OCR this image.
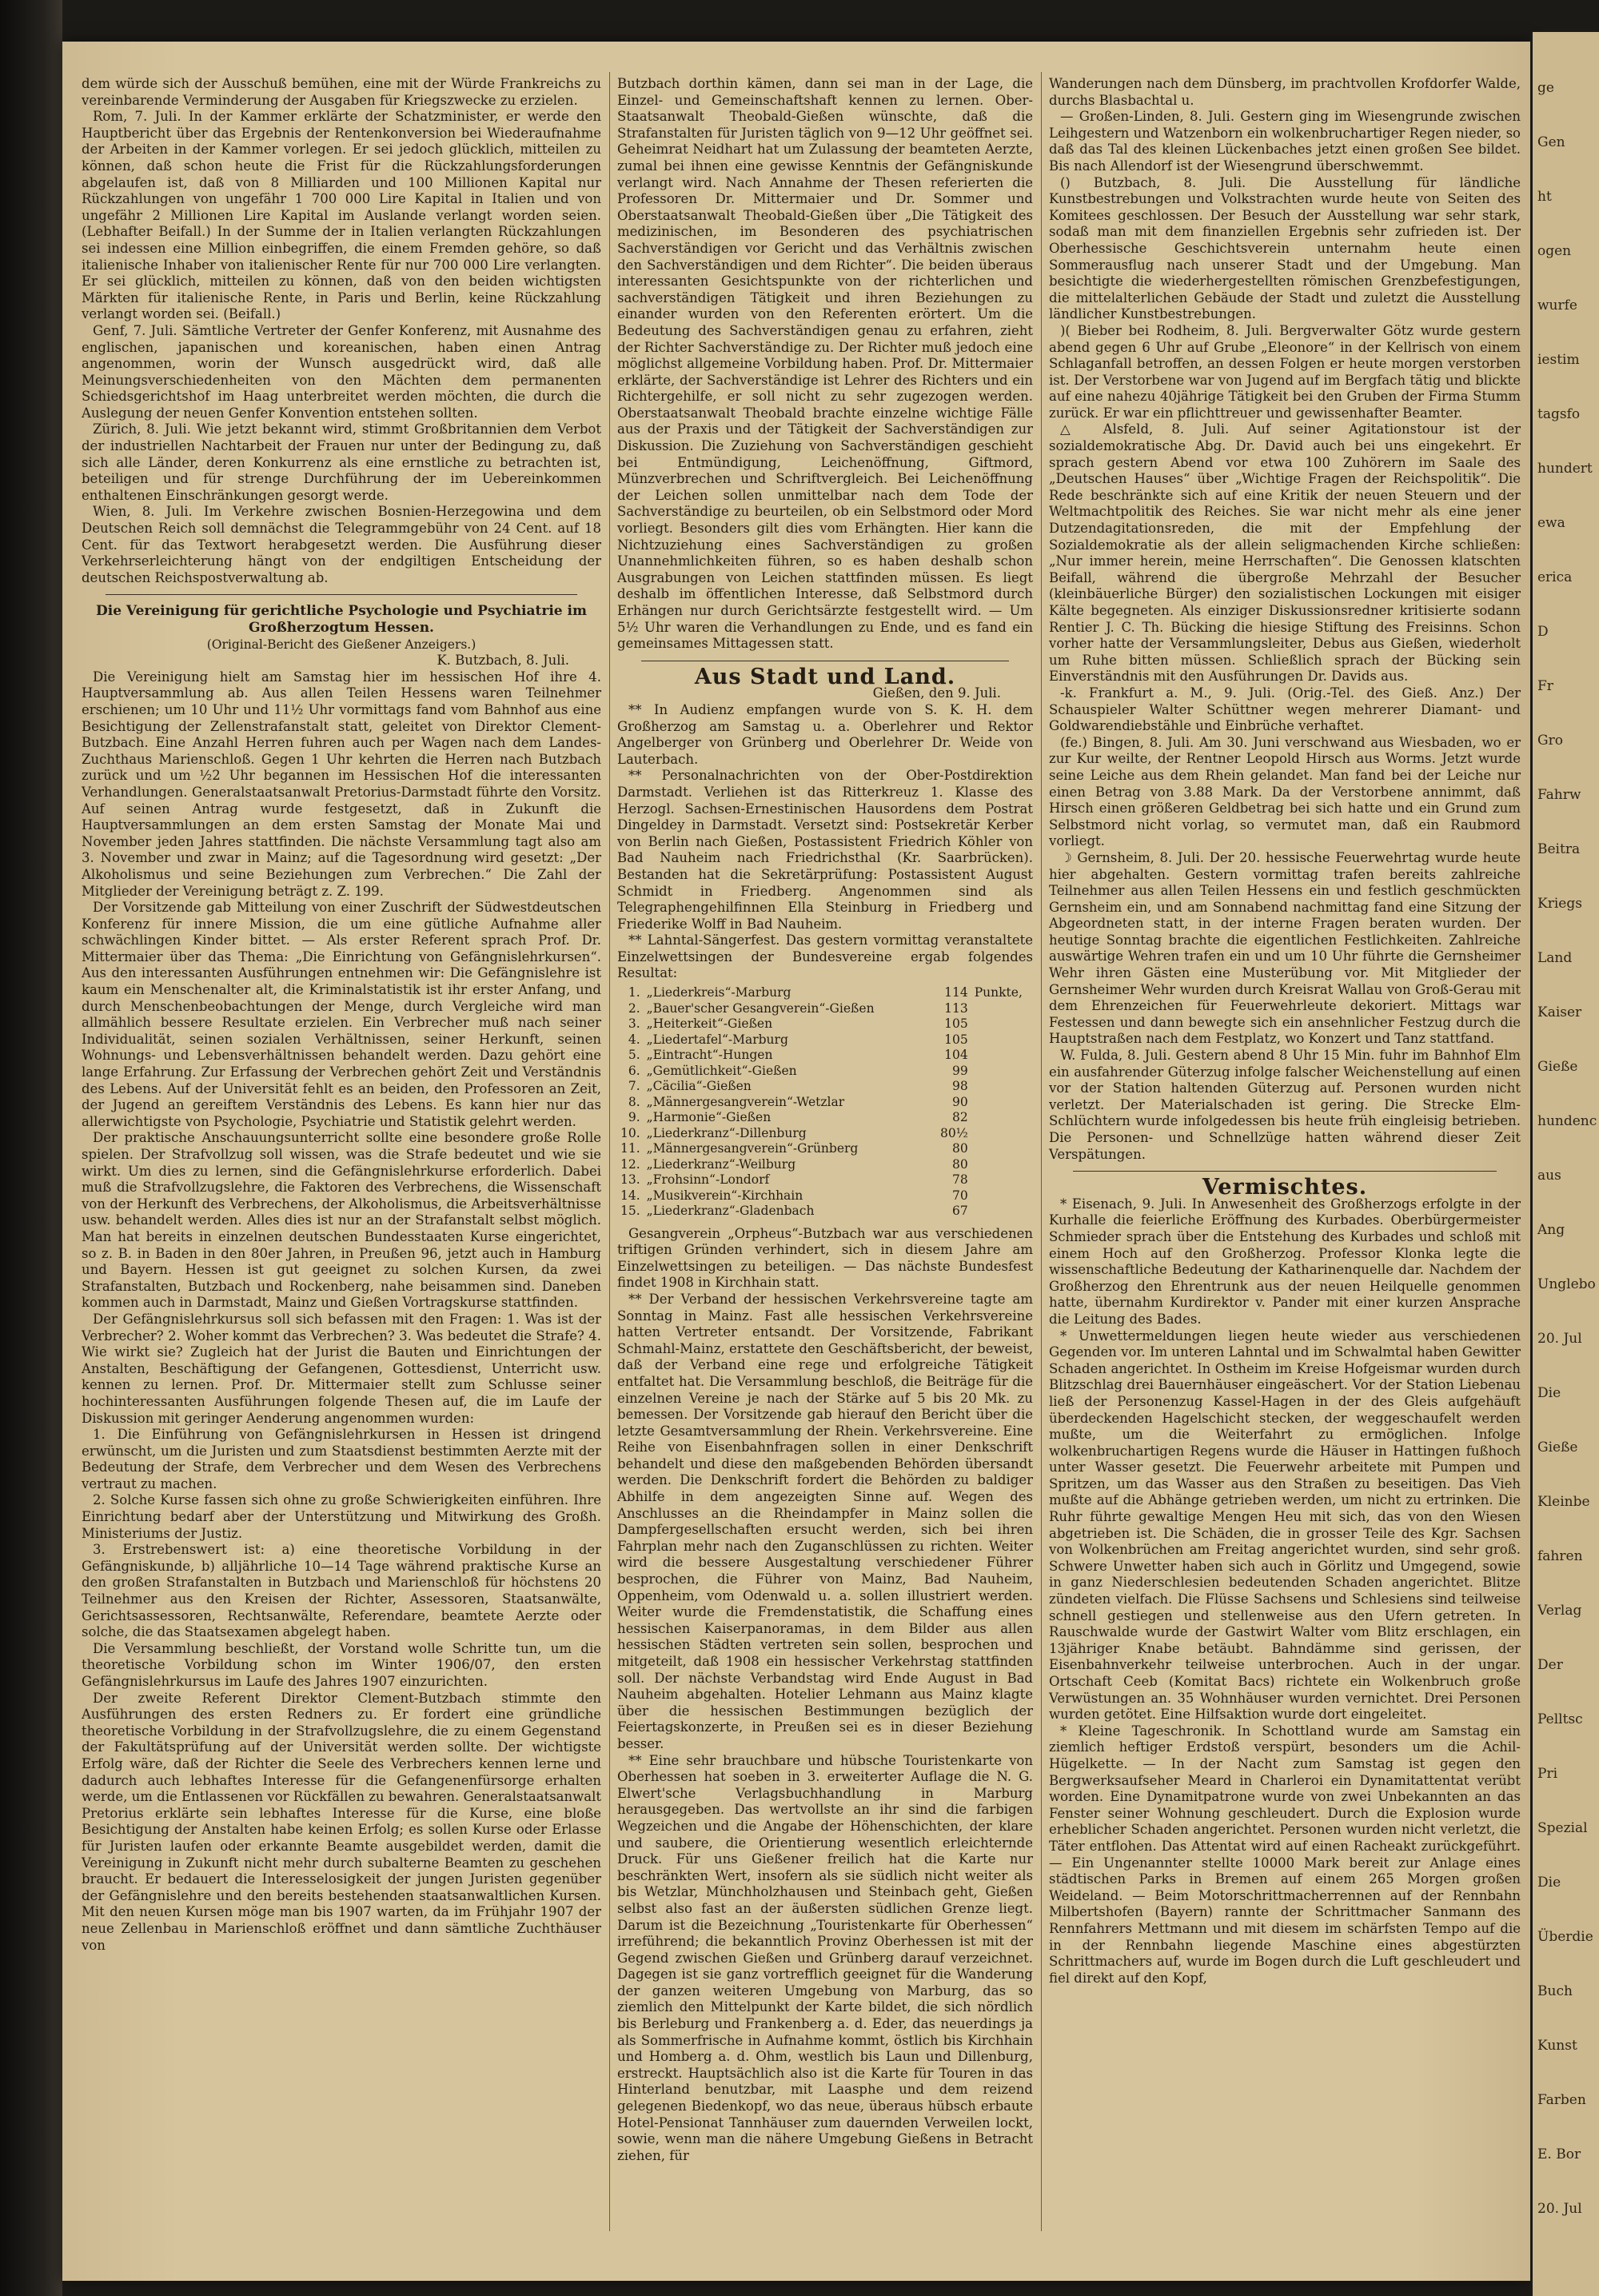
ge
Gen
ht
ogen
wurfe
iestim
tagsfo
hundert
ewa
erica
D
Fr
Gro
Fahrw
Beitra
Kriegs
Land
Kaiser
Gieße
hundenc
aus
Ang
Unglebo
20. Jul
Die
Gieße
Kleinbe
fahren
Verlag
Der
Pelltsc
Pri
Spezial
Die
Überdie
Buch
Kunst
Farben
E. Bor
20. Jul

dem würde sich der Ausschuß bemühen, eine mit der Würde Frankreichs zu vereinbarende Verminderung der Ausgaben für Kriegszwecke zu erzielen.

Rom, 7. Juli. In der Kammer erklärte der Schatzminister, er werde den Hauptbericht über das Ergebnis der Rentenkonversion bei Wiederaufnahme der Arbeiten in der Kammer vorlegen. Er sei jedoch glücklich, mitteilen zu können, daß schon heute die Frist für die Rückzahlungsforderungen abgelaufen ist, daß von 8 Milliarden und 100 Millionen Kapital nur Rückzahlungen von ungefähr 1 700 000 Lire Kapital in Italien und von ungefähr 2 Millionen Lire Kapital im Auslande verlangt worden seien. (Lebhafter Beifall.) In der Summe der in Italien verlangten Rückzahlungen sei indessen eine Million einbegriffen, die einem Fremden gehöre, so daß italienische Inhaber von italienischer Rente für nur 700 000 Lire verlangten. Er sei glücklich, mitteilen zu können, daß von den beiden wichtigsten Märkten für italienische Rente, in Paris und Berlin, keine Rückzahlung verlangt worden sei. (Beifall.)

Genf, 7. Juli. Sämtliche Vertreter der Genfer Konferenz, mit Ausnahme des englischen, japanischen und koreanischen, haben einen Antrag angenommen, worin der Wunsch ausgedrückt wird, daß alle Meinungsverschiedenheiten von den Mächten dem permanenten Schiedsgerichtshof im Haag unterbreitet werden möchten, die durch die Auslegung der neuen Genfer Konvention entstehen sollten.

Zürich, 8. Juli. Wie jetzt bekannt wird, stimmt Großbritannien dem Verbot der industriellen Nachtarbeit der Frauen nur unter der Bedingung zu, daß sich alle Länder, deren Konkurrenz als eine ernstliche zu betrachten ist, beteiligen und für strenge Durchführung der im Uebereinkommen enthaltenen Einschränkungen gesorgt werde.

Wien, 8. Juli. Im Verkehre zwischen Bosnien-Herzegowina und dem Deutschen Reich soll demnächst die Telegrammgebühr von 24 Cent. auf 18 Cent. für das Textwort herabgesetzt werden. Die Ausführung dieser Verkehrserleichterung hängt von der endgiltigen Entscheidung der deutschen Reichspostverwaltung ab.

Die Vereinigung für gerichtliche Psychologie und Psychiatrie im Großherzogtum Hessen.

(Original-Bericht des Gießener Anzeigers.)

K. Butzbach, 8. Juli.

Die Vereinigung hielt am Samstag hier im hessischen Hof ihre 4. Hauptversammlung ab. Aus allen Teilen Hessens waren Teilnehmer erschienen; um 10 Uhr und 11½ Uhr vormittags fand vom Bahnhof aus eine Besichtigung der Zellenstrafanstalt statt, geleitet von Direktor Clement-Butzbach. Eine Anzahl Herren fuhren auch per Wagen nach dem Landes-Zuchthaus Marienschloß. Gegen 1 Uhr kehrten die Herren nach Butzbach zurück und um ½2 Uhr begannen im Hessischen Hof die interessanten Verhandlungen. Generalstaatsanwalt Pretorius-Darmstadt führte den Vorsitz. Auf seinen Antrag wurde festgesetzt, daß in Zukunft die Hauptversammlungen an dem ersten Samstag der Monate Mai und November jeden Jahres stattfinden. Die nächste Versammlung tagt also am 3. November und zwar in Mainz; auf die Tagesordnung wird gesetzt: „Der Alkoholismus und seine Beziehungen zum Verbrechen.“ Die Zahl der Mitglieder der Vereinigung beträgt z. Z. 199.

Der Vorsitzende gab Mitteilung von einer Zuschrift der Südwestdeutschen Konferenz für innere Mission, die um eine gütliche Aufnahme aller schwächlingen Kinder bittet. — Als erster Referent sprach Prof. Dr. Mittermaier über das Thema: „Die Einrichtung von Gefängnislehrkursen“. Aus den interessanten Ausführungen entnehmen wir: Die Gefängnislehre ist kaum ein Menschenalter alt, die Kriminalstatistik ist ihr erster Anfang, und durch Menschenbeobachtungen der Menge, durch Vergleiche wird man allmählich bessere Resultate erzielen. Ein Verbrecher muß nach seiner Individualität, seinen sozialen Verhältnissen, seiner Herkunft, seinen Wohnungs- und Lebensverhältnissen behandelt werden. Dazu gehört eine lange Erfahrung. Zur Erfassung der Verbrechen gehört Zeit und Verständnis des Lebens. Auf der Universität fehlt es an beiden, den Professoren an Zeit, der Jugend an gereiftem Verständnis des Lebens. Es kann hier nur das allerwichtigste von Psychologie, Psychiatrie und Statistik gelehrt werden.

Der praktische Anschauungsunterricht sollte eine besondere große Rolle spielen. Der Strafvollzug soll wissen, was die Strafe bedeutet und wie sie wirkt. Um dies zu lernen, sind die Gefängnislehrkurse erforderlich. Dabei muß die Strafvollzugslehre, die Faktoren des Verbrechens, die Wissenschaft von der Herkunft des Verbrechens, der Alkoholismus, die Arbeitsverhältnisse usw. behandelt werden. Alles dies ist nur an der Strafanstalt selbst möglich. Man hat bereits in einzelnen deutschen Bundesstaaten Kurse eingerichtet, so z. B. in Baden in den 80er Jahren, in Preußen 96, jetzt auch in Hamburg und Bayern. Hessen ist gut geeignet zu solchen Kursen, da zwei Strafanstalten, Butzbach und Rockenberg, nahe beisammen sind. Daneben kommen auch in Darmstadt, Mainz und Gießen Vortragskurse stattfinden.

Der Gefängnislehrkursus soll sich befassen mit den Fragen: 1. Was ist der Verbrecher? 2. Woher kommt das Verbrechen? 3. Was bedeutet die Strafe? 4. Wie wirkt sie? Zugleich hat der Jurist die Bauten und Einrichtungen der Anstalten, Beschäftigung der Gefangenen, Gottesdienst, Unterricht usw. kennen zu lernen. Prof. Dr. Mittermaier stellt zum Schlusse seiner hochinteressanten Ausführungen folgende Thesen auf, die im Laufe der Diskussion mit geringer Aenderung angenommen wurden:

1. Die Einführung von Gefängnislehrkursen in Hessen ist dringend erwünscht, um die Juristen und zum Staatsdienst bestimmten Aerzte mit der Bedeutung der Strafe, dem Verbrecher und dem Wesen des Verbrechens vertraut zu machen.

2. Solche Kurse fassen sich ohne zu große Schwierigkeiten einführen. Ihre Einrichtung bedarf aber der Unterstützung und Mitwirkung des Großh. Ministeriums der Justiz.

3. Erstrebenswert ist: a) eine theoretische Vorbildung in der Gefängniskunde, b) alljährliche 10—14 Tage während praktische Kurse an den großen Strafanstalten in Butzbach und Marienschloß für höchstens 20 Teilnehmer aus den Kreisen der Richter, Assessoren, Staatsanwälte, Gerichtsassessoren, Rechtsanwälte, Referendare, beamtete Aerzte oder solche, die das Staatsexamen abgelegt haben.

Die Versammlung beschließt, der Vorstand wolle Schritte tun, um die theoretische Vorbildung schon im Winter 1906/07, den ersten Gefängnislehrkursus im Laufe des Jahres 1907 einzurichten.

Der zweite Referent Direktor Clement-Butzbach stimmte den Ausführungen des ersten Redners zu. Er fordert eine gründliche theoretische Vorbildung in der Strafvollzugslehre, die zu einem Gegenstand der Fakultätsprüfung auf der Universität werden sollte. Der wichtigste Erfolg wäre, daß der Richter die Seele des Verbrechers kennen lerne und dadurch auch lebhaftes Interesse für die Gefangenenfürsorge erhalten werde, um die Entlassenen vor Rückfällen zu bewahren. Generalstaatsanwalt Pretorius erklärte sein lebhaftes Interesse für die Kurse, eine bloße Besichtigung der Anstalten habe keinen Erfolg; es sollen Kurse oder Erlasse für Juristen laufen oder erkannte Beamte ausgebildet werden, damit die Vereinigung in Zukunft nicht mehr durch subalterne Beamten zu geschehen braucht. Er bedauert die Interesselosigkeit der jungen Juristen gegenüber der Gefängnislehre und den bereits bestehenden staatsanwaltlichen Kursen. Mit den neuen Kursen möge man bis 1907 warten, da im Frühjahr 1907 der neue Zellenbau in Marienschloß eröffnet und dann sämtliche Zuchthäuser von

Butzbach dorthin kämen, dann sei man in der Lage, die Einzel- und Gemeinschaftshaft kennen zu lernen. Ober-Staatsanwalt Theobald-Gießen wünschte, daß die Strafanstalten für Juristen täglich von 9—12 Uhr geöffnet sei. Geheimrat Neidhart hat um Zulassung der beamteten Aerzte, zumal bei ihnen eine gewisse Kenntnis der Gefängniskunde verlangt wird. Nach Annahme der Thesen referierten die Professoren Dr. Mittermaier und Dr. Sommer und Oberstaatsanwalt Theobald-Gießen über „Die Tätigkeit des medizinischen, im Besonderen des psychiatrischen Sachverständigen vor Gericht und das Verhältnis zwischen den Sachverständigen und dem Richter“. Die beiden überaus interessanten Gesichtspunkte von der richterlichen und sachverständigen Tätigkeit und ihren Beziehungen zu einander wurden von den Referenten erörtert. Um die Bedeutung des Sachverständigen genau zu erfahren, zieht der Richter Sachverständige zu. Der Richter muß jedoch eine möglichst allgemeine Vorbildung haben. Prof. Dr. Mittermaier erklärte, der Sachverständige ist Lehrer des Richters und ein Richtergehilfe, er soll nicht zu sehr zugezogen werden. Oberstaatsanwalt Theobald brachte einzelne wichtige Fälle aus der Praxis und der Tätigkeit der Sachverständigen zur Diskussion. Die Zuziehung von Sachverständigen geschieht bei Entmündigung, Leichenöffnung, Giftmord, Münzverbrechen und Schriftvergleich. Bei Leichenöffnung der Leichen sollen unmittelbar nach dem Tode der Sachverständige zu beurteilen, ob ein Selbstmord oder Mord vorliegt. Besonders gilt dies vom Erhängten. Hier kann die Nichtzuziehung eines Sachverständigen zu großen Unannehmlichkeiten führen, so es haben deshalb schon Ausgrabungen von Leichen stattfinden müssen. Es liegt deshalb im öffentlichen Interesse, daß Selbstmord durch Erhängen nur durch Gerichtsärzte festgestellt wird. — Um 5½ Uhr waren die Verhandlungen zu Ende, und es fand ein gemeinsames Mittagessen statt.

Aus Stadt und Land.

Gießen, den 9. Juli.

** In Audienz empfangen wurde von S. K. H. dem Großherzog am Samstag u. a. Oberlehrer und Rektor Angelberger von Grünberg und Oberlehrer Dr. Weide von Lauterbach.

** Personalnachrichten von der Ober-Postdirektion Darmstadt. Verliehen ist das Ritterkreuz 1. Klasse des Herzogl. Sachsen-Ernestinischen Hausordens dem Postrat Dingeldey in Darmstadt. Versetzt sind: Postsekretär Kerber von Berlin nach Gießen, Postassistent Friedrich Köhler von Bad Nauheim nach Friedrichsthal (Kr. Saarbrücken). Bestanden hat die Sekretärprüfung: Postassistent August Schmidt in Friedberg. Angenommen sind als Telegraphengehilfinnen Ella Steinburg in Friedberg und Friederike Wolff in Bad Nauheim.

** Lahntal-Sängerfest. Das gestern vormittag veranstaltete Einzelwettsingen der Bundesvereine ergab folgendes Resultat:

1.	„Liederkreis“-Marburg	114	Punkte,
2.	„Bauer'scher Gesangverein“-Gießen	113	
3.	„Heiterkeit“-Gießen	105	
4.	„Liedertafel“-Marburg	105	
5.	„Eintracht“-Hungen	104	
6.	„Gemütlichkeit“-Gießen	99	
7.	„Cäcilia“-Gießen	98	
8.	„Männergesangverein“-Wetzlar	90	
9.	„Harmonie“-Gießen	82	
10.	„Liederkranz“-Dillenburg	80½	
11.	„Männergesangverein“-Grünberg	80	
12.	„Liederkranz“-Weilburg	80	
13.	„Frohsinn“-Londorf	78	
14.	„Musikverein“-Kirchhain	70	
15.	„Liederkranz“-Gladenbach	67	

Gesangverein „Orpheus“-Butzbach war aus verschiedenen triftigen Gründen verhindert, sich in diesem Jahre am Einzelwettsingen zu beteiligen. — Das nächste Bundesfest findet 1908 in Kirchhain statt.

** Der Verband der hessischen Verkehrsvereine tagte am Sonntag in Mainz. Fast alle hessischen Verkehrsvereine hatten Vertreter entsandt. Der Vorsitzende, Fabrikant Schmahl-Mainz, erstattete den Geschäftsbericht, der beweist, daß der Verband eine rege und erfolgreiche Tätigkeit entfaltet hat. Die Versammlung beschloß, die Beiträge für die einzelnen Vereine je nach der Stärke auf 5 bis 20 Mk. zu bemessen. Der Vorsitzende gab hierauf den Bericht über die letzte Gesamtversammlung der Rhein. Verkehrsvereine. Eine Reihe von Eisenbahnfragen sollen in einer Denkschrift behandelt und diese den maßgebenden Behörden übersandt werden. Die Denkschrift fordert die Behörden zu baldiger Abhilfe in dem angezeigten Sinne auf. Wegen des Anschlusses an die Rheindampfer in Mainz sollen die Dampfergesellschaften ersucht werden, sich bei ihren Fahrplan mehr nach den Zuganschlüssen zu richten. Weiter wird die bessere Ausgestaltung verschiedener Führer besprochen, die Führer von Mainz, Bad Nauheim, Oppenheim, vom Odenwald u. a. sollen illustriert werden. Weiter wurde die Fremdenstatistik, die Schaffung eines hessischen Kaiserpanoramas, in dem Bilder aus allen hessischen Städten vertreten sein sollen, besprochen und mitgeteilt, daß 1908 ein hessischer Verkehrstag stattfinden soll. Der nächste Verbandstag wird Ende August in Bad Nauheim abgehalten. Hotelier Lehmann aus Mainz klagte über die hessischen Bestimmungen bezüglich der Feiertagskonzerte, in Preußen sei es in dieser Beziehung besser.

** Eine sehr brauchbare und hübsche Touristenkarte von Oberhessen hat soeben in 3. erweiterter Auflage die N. G. Elwert'sche Verlagsbuchhandlung in Marburg herausgegeben. Das wertvollste an ihr sind die farbigen Wegzeichen und die Angabe der Höhenschichten, der klare und saubere, die Orientierung wesentlich erleichternde Druck. Für uns Gießener freilich hat die Karte nur beschränkten Wert, insofern als sie südlich nicht weiter als bis Wetzlar, Münchholzhausen und Steinbach geht, Gießen selbst also fast an der äußersten südlichen Grenze liegt. Darum ist die Bezeichnung „Touristenkarte für Oberhessen“ irreführend; die bekanntlich Provinz Oberhessen ist mit der Gegend zwischen Gießen und Grünberg darauf verzeichnet. Dagegen ist sie ganz vortrefflich geeignet für die Wanderung der ganzen weiteren Umgebung von Marburg, das so ziemlich den Mittelpunkt der Karte bildet, die sich nördlich bis Berleburg und Frankenberg a. d. Eder, das neuerdings ja als Sommerfrische in Aufnahme kommt, östlich bis Kirchhain und Homberg a. d. Ohm, westlich bis Laun und Dillenburg, erstreckt. Hauptsächlich also ist die Karte für Touren in das Hinterland benutzbar, mit Laasphe und dem reizend gelegenen Biedenkopf, wo das neue, überaus hübsch erbaute Hotel-Pensionat Tannhäuser zum dauernden Verweilen lockt, sowie, wenn man die nähere Umgebung Gießens in Betracht ziehen, für

Wanderungen nach dem Dünsberg, im prachtvollen Krofdorfer Walde, durchs Blasbachtal u.

— Großen-Linden, 8. Juli. Gestern ging im Wiesengrunde zwischen Leihgestern und Watzenborn ein wolkenbruchartiger Regen nieder, so daß das Tal des kleinen Lückenbaches jetzt einen großen See bildet. Bis nach Allendorf ist der Wiesengrund überschwemmt.

() Butzbach, 8. Juli. Die Ausstellung für ländliche Kunstbestrebungen und Volkstrachten wurde heute von Seiten des Komitees geschlossen. Der Besuch der Ausstellung war sehr stark, sodaß man mit dem finanziellen Ergebnis sehr zufrieden ist. Der Oberhessische Geschichtsverein unternahm heute einen Sommerausflug nach unserer Stadt und der Umgebung. Man besichtigte die wiederhergestellten römischen Grenzbefestigungen, die mittelalterlichen Gebäude der Stadt und zuletzt die Ausstellung ländlicher Kunstbestrebungen.

)( Bieber bei Rodheim, 8. Juli. Bergverwalter Götz wurde gestern abend gegen 6 Uhr auf Grube „Eleonore“ in der Kellrisch von einem Schlaganfall betroffen, an dessen Folgen er heute morgen verstorben ist. Der Verstorbene war von Jugend auf im Bergfach tätig und blickte auf eine nahezu 40jährige Tätigkeit bei den Gruben der Firma Stumm zurück. Er war ein pflichttreuer und gewissenhafter Beamter.

△ Alsfeld, 8. Juli. Auf seiner Agitationstour ist der sozialdemokratische Abg. Dr. David auch bei uns eingekehrt. Er sprach gestern Abend vor etwa 100 Zuhörern im Saale des „Deutschen Hauses“ über „Wichtige Fragen der Reichspolitik“. Die Rede beschränkte sich auf eine Kritik der neuen Steuern und der Weltmachtpolitik des Reiches. Sie war nicht mehr als eine jener Dutzendagitationsreden, die mit der Empfehlung der Sozialdemokratie als der allein seligmachenden Kirche schließen: „Nur immer herein, meine Herrschaften“. Die Genossen klatschten Beifall, während die übergroße Mehrzahl der Besucher (kleinbäuerliche Bürger) den sozialistischen Lockungen mit eisiger Kälte begegneten. Als einziger Diskussionsredner kritisierte sodann Rentier J. C. Th. Bücking die hiesige Stiftung des Freisinns. Schon vorher hatte der Versammlungsleiter, Debus aus Gießen, wiederholt um Ruhe bitten müssen. Schließlich sprach der Bücking sein Einverständnis mit den Ausführungen Dr. Davids aus.

-k. Frankfurt a. M., 9. Juli. (Orig.-Tel. des Gieß. Anz.) Der Schauspieler Walter Schüttner wegen mehrerer Diamant- und Goldwarendiebstähle und Einbrüche verhaftet.

(fe.) Bingen, 8. Juli. Am 30. Juni verschwand aus Wiesbaden, wo er zur Kur weilte, der Rentner Leopold Hirsch aus Worms. Jetzt wurde seine Leiche aus dem Rhein gelandet. Man fand bei der Leiche nur einen Betrag von 3.88 Mark. Da der Verstorbene annimmt, daß Hirsch einen größeren Geldbetrag bei sich hatte und ein Grund zum Selbstmord nicht vorlag, so vermutet man, daß ein Raubmord vorliegt.

☽ Gernsheim, 8. Juli. Der 20. hessische Feuerwehrtag wurde heute hier abgehalten. Gestern vormittag trafen bereits zahlreiche Teilnehmer aus allen Teilen Hessens ein und festlich geschmückten Gernsheim ein, und am Sonnabend nachmittag fand eine Sitzung der Abgeordneten statt, in der interne Fragen beraten wurden. Der heutige Sonntag brachte die eigentlichen Festlichkeiten. Zahlreiche auswärtige Wehren trafen ein und um 10 Uhr führte die Gernsheimer Wehr ihren Gästen eine Musterübung vor. Mit Mitglieder der Gernsheimer Wehr wurden durch Kreisrat Wallau von Groß-Gerau mit dem Ehrenzeichen für Feuerwehrleute dekoriert. Mittags war Festessen und dann bewegte sich ein ansehnlicher Festzug durch die Hauptstraßen nach dem Festplatz, wo Konzert und Tanz stattfand.

W. Fulda, 8. Juli. Gestern abend 8 Uhr 15 Min. fuhr im Bahnhof Elm ein ausfahrender Güterzug infolge falscher Weichenstellung auf einen vor der Station haltenden Güterzug auf. Personen wurden nicht verletzt. Der Materialschaden ist gering. Die Strecke Elm-Schlüchtern wurde infolgedessen bis heute früh eingleisig betrieben. Die Personen- und Schnellzüge hatten während dieser Zeit Verspätungen.

Vermischtes.

* Eisenach, 9. Juli. In Anwesenheit des Großherzogs erfolgte in der Kurhalle die feierliche Eröffnung des Kurbades. Oberbürgermeister Schmieder sprach über die Entstehung des Kurbades und schloß mit einem Hoch auf den Großherzog. Professor Klonka legte die wissenschaftliche Bedeutung der Katharinenquelle dar. Nachdem der Großherzog den Ehrentrunk aus der neuen Heilquelle genommen hatte, übernahm Kurdirektor v. Pander mit einer kurzen Ansprache die Leitung des Bades.

* Unwettermeldungen liegen heute wieder aus verschiedenen Gegenden vor. Im unteren Lahntal und im Schwalmtal haben Gewitter Schaden angerichtet. In Ostheim im Kreise Hofgeismar wurden durch Blitzschlag drei Bauernhäuser eingeäschert. Vor der Station Liebenau ließ der Personenzug Kassel-Hagen in der des Gleis aufgehäuft überdeckenden Hagelschicht stecken, der weggeschaufelt werden mußte, um die Weiterfahrt zu ermöglichen. Infolge wolkenbruchartigen Regens wurde die Häuser in Hattingen fußhoch unter Wasser gesetzt. Die Feuerwehr arbeitete mit Pumpen und Spritzen, um das Wasser aus den Straßen zu beseitigen. Das Vieh mußte auf die Abhänge getrieben werden, um nicht zu ertrinken. Die Ruhr führte gewaltige Mengen Heu mit sich, das von den Wiesen abgetrieben ist. Die Schäden, die in grosser Teile des Kgr. Sachsen von Wolkenbrüchen am Freitag angerichtet wurden, sind sehr groß. Schwere Unwetter haben sich auch in Görlitz und Umgegend, sowie in ganz Niederschlesien bedeutenden Schaden angerichtet. Blitze zündeten vielfach. Die Flüsse Sachsens und Schlesiens sind teilweise schnell gestiegen und stellenweise aus den Ufern getreten. In Rauschwalde wurde der Gastwirt Walter vom Blitz erschlagen, ein 13jähriger Knabe betäubt. Bahndämme sind gerissen, der Eisenbahnverkehr teilweise unterbrochen. Auch in der ungar. Ortschaft Ceeb (Komitat Bacs) richtete ein Wolkenbruch große Verwüstungen an. 35 Wohnhäuser wurden vernichtet. Drei Personen wurden getötet. Eine Hilfsaktion wurde dort eingeleitet.

* Kleine Tageschronik. In Schottland wurde am Samstag ein ziemlich heftiger Erdstoß verspürt, besonders um die Achil-Hügelkette. — In der Nacht zum Samstag ist gegen den Bergwerksaufseher Meard in Charleroi ein Dynamitattentat verübt worden. Eine Dynamitpatrone wurde von zwei Unbekannten an das Fenster seiner Wohnung geschleudert. Durch die Explosion wurde erheblicher Schaden angerichtet. Personen wurden nicht verletzt, die Täter entflohen. Das Attentat wird auf einen Racheakt zurückgeführt. — Ein Ungenannter stellte 10000 Mark bereit zur Anlage eines städtischen Parks in Bremen auf einem 265 Morgen großen Weideland. — Beim Motorschrittmacherrennen auf der Rennbahn Milbertshofen (Bayern) rannte der Schrittmacher Sanmann des Rennfahrers Mettmann und mit diesem im schärfsten Tempo auf die in der Rennbahn liegende Maschine eines abgestürzten Schrittmachers auf, wurde im Bogen durch die Luft geschleudert und fiel direkt auf den Kopf,
